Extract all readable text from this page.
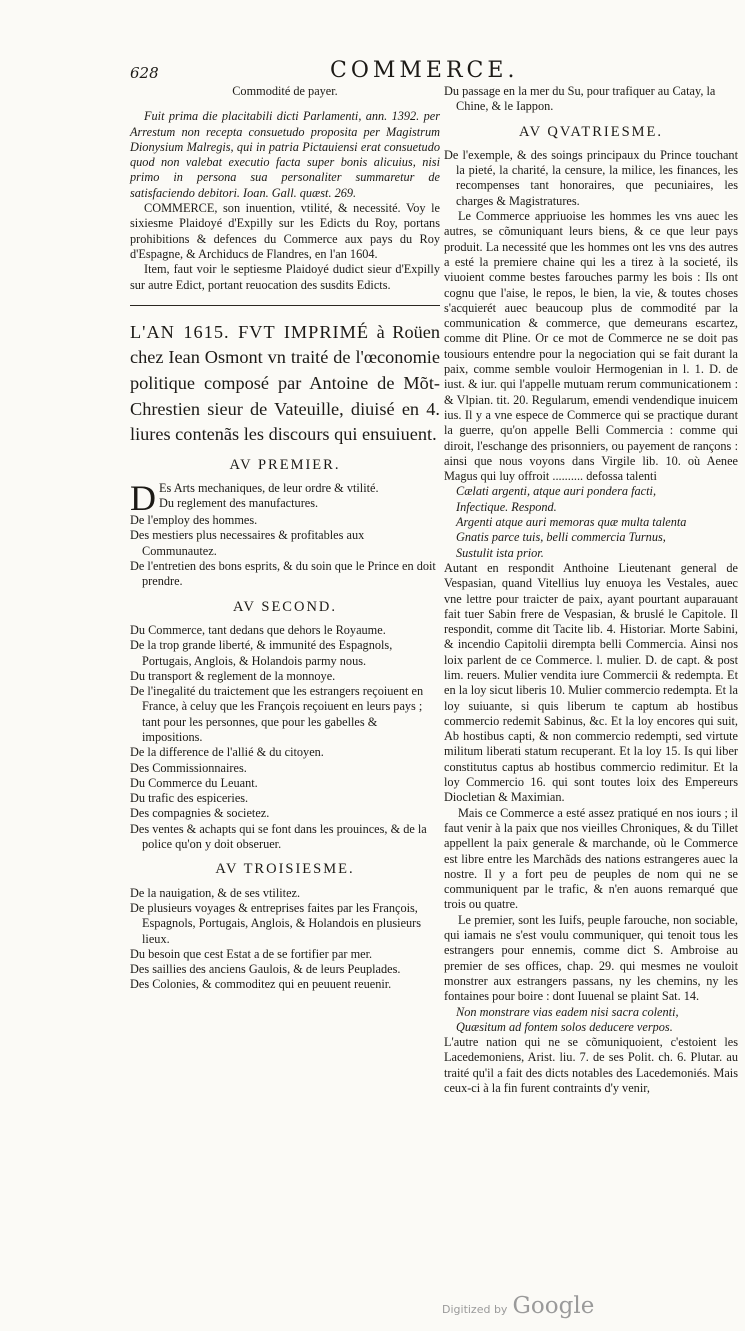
628	COMMERCE.

Commodité de payer.

Fuit prima die placitabili dicti Parlamenti, ann. 1392. per Arrestum non recepta consuetudo proposita per Magistrum Dionysium Malregis, qui in patria Pictauiensi erat consuetudo quod non valebat executio facta super bonis alicuius, nisi primo in persona sua personaliter summaretur de satisfaciendo debitori. Ioan. Gall. quæst. 269.

COMMERCE, son inuention, vtilité, & necessité. Voy le sixiesme Plaidoyé d'Expilly sur les Edicts du Roy, portans prohibitions & defences du Commerce aux pays du Roy d'Espagne, & Archiducs de Flandres, en l'an 1604.

Item, faut voir le septiesme Plaidoyé dudict sieur d'Expilly sur autre Edict, portant reuocation des susdits Edicts.

L'AN 1615. FVT IMPRIMÉ à Roüen chez Iean Osmont vn traité de l'œconomie politique composé par Antoine de Mõt-Chrestien sieur de Vateuille, diuisé en 4. liures contenãs les discours qui ensuiuent.
AV PREMIER.
D Es Arts mechaniques, de leur ordre & vtilité.
Du reglement des manufactures.

De l'employ des hommes.

Des mestiers plus necessaires & profitables aux Communautez.

De l'entretien des bons esprits, & du soin que le Prince en doit prendre.

AV SECOND.

Du Commerce, tant dedans que dehors le Royaume.

De la trop grande liberté, & immunité des Espagnols, Portugais, Anglois, & Holandois parmy nous.

Du transport & reglement de la monnoye.

De l'inegalité du traictement que les estrangers reçoiuent en France, à celuy que les François reçoiuent en leurs pays ; tant pour les personnes, que pour les gabelles & impositions.

De la difference de l'allié & du citoyen.

Des Commissionnaires.

Du Commerce du Leuant.

Du trafic des espiceries.

Des compagnies & societez.

Des ventes & achapts qui se font dans les prouinces, & de la police qu'on y doit obseruer.

AV TROISIESME.

De la nauigation, & de ses vtilitez.

De plusieurs voyages & entreprises faites par les François, Espagnols, Portugais, Anglois, & Holandois en plusieurs lieux.

Du besoin que cest Estat a de se fortifier par mer.

Des saillies des anciens Gaulois, & de leurs Peuplades.

Des Colonies, & commoditez qui en peuuent reuenir.

Du passage en la mer du Su, pour trafiquer au Catay, la Chine, & le Iappon.

AV QVATRIESME.

De l'exemple, & des soings principaux du Prince touchant la pieté, la charité, la censure, la milice, les finances, les recompenses tant honoraires, que pecuniaires, les charges & Magistratures.

Le Commerce appriuoise les hommes les vns auec les autres, se cõmuniquant leurs biens, & ce que leur pays produit. La necessité que les hommes ont les vns des autres a esté la premiere chaine qui les a tirez à la societé, ils viuoient comme bestes farouches parmy les bois : Ils ont cognu que l'aise, le repos, le bien, la vie, & toutes choses s'acquierét auec beaucoup plus de commodité par la communication & commerce, que demeurans escartez, comme dit Pline. Or ce mot de Commerce ne se doit pas tousiours entendre pour la negociation qui se fait durant la paix, comme semble vouloir Hermogenian in l. 1. D. de iust. & iur. qui l'appelle mutuam rerum communicationem : & Vlpian. tit. 20. Regularum, emendi vendendique inuicem ius. Il y a vne espece de Commerce qui se practique durant la guerre, qu'on appelle Belli Commercia : comme qui diroit, l'eschange des prisonniers, ou payement de rançons : ainsi que nous voyons dans Virgile lib. 10. où Aenee Magus qui luy offroit .......... defossa talenti

Cælati argenti, atque auri pondera facti,

Infectique. Respond.

Argenti atque auri memoras quæ multa talenta

Gnatis parce tuis, belli commercia Turnus,

Sustulit ista prior.

Autant en respondit Anthoine Lieutenant general de Vespasian, quand Vitellius luy enuoya les Vestales, auec vne lettre pour traicter de paix, ayant pourtant auparauant fait tuer Sabin frere de Vespasian, & bruslé le Capitole. Il respondit, comme dit Tacite lib. 4. Historiar. Morte Sabini, & incendio Capitolii dirempta belli Commercia. Ainsi nos loix parlent de ce Commerce. l. mulier. D. de capt. & post lim. reuers. Mulier vendita iure Commercii & redempta. Et en la loy sicut liberis 10. Mulier commercio redempta. Et la loy suiuante, si quis liberum te captum ab hostibus commercio redemit Sabinus, &c. Et la loy encores qui suit, Ab hostibus capti, & non commercio redempti, sed virtute militum liberati statum recuperant. Et la loy 15. Is qui liber constitutus captus ab hostibus commercio redimitur. Et la loy Commercio 16. qui sont toutes loix des Empereurs Diocletian & Maximian.

Mais ce Commerce a esté assez pratiqué en nos iours ; il faut venir à la paix que nos vieilles Chroniques, & du Tillet appellent la paix generale & marchande, où le Commerce est libre entre les Marchãds des nations estrangeres auec la nostre. Il y a fort peu de peuples de nom qui ne se communiquent par le trafic, & n'en auons remarqué que trois ou quatre.

Le premier, sont les Iuifs, peuple farouche, non sociable, qui iamais ne s'est voulu communiquer, qui tenoit tous les estrangers pour ennemis, comme dict S. Ambroise au premier de ses offices, chap. 29. qui mesmes ne vouloit monstrer aux estrangers passans, ny les chemins, ny les fontaines pour boire : dont Iuuenal se plaint Sat. 14.

Non monstrare vias eadem nisi sacra colenti,

Quæsitum ad fontem solos deducere verpos.

L'autre nation qui ne se cõmuniquoient, c'estoient les Lacedemoniens, Arist. liu. 7. de ses Polit. ch. 6. Plutar. au traité qu'il a fait des dicts notables des Lacedemoniés. Mais ceux-ci à la fin furent contraints d'y venir,

Digitized by Google
